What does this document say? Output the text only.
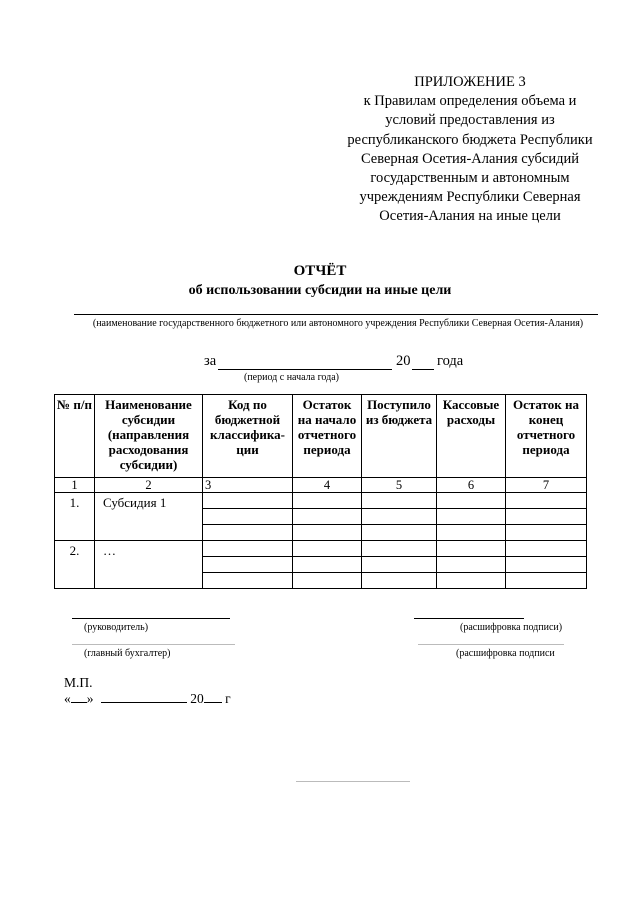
ПРИЛОЖЕНИЕ 3
к Правилам определения объема и
условий предоставления из
республиканского бюджета Республики
Северная Осетия-Алания субсидий
государственным и автономным
учреждениям Республики Северная
Осетия-Алания на иные цели
ОТЧЁТ
об использовании субсидии на иные цели
(наименование государственного бюджетного или автономного учреждения Республики Северная Осетия-Алания)
за	20 года
(период с начала года)
№ п/п	Наименование субсидии (направления расходования субсидии)	Код по бюджетной классифика-ции	Остаток на начало отчетного периода	Поступило из бюджета	Кассовые расходы	Остаток на конец отчетного периода
1	2	3	4	5	6	7
1.	Субсидия 1					

2.	…					

(руководитель)	(расшифровка подписи)
(главный бухгалтер)	(расшифровка подписи
М.П.
« »	20 г
